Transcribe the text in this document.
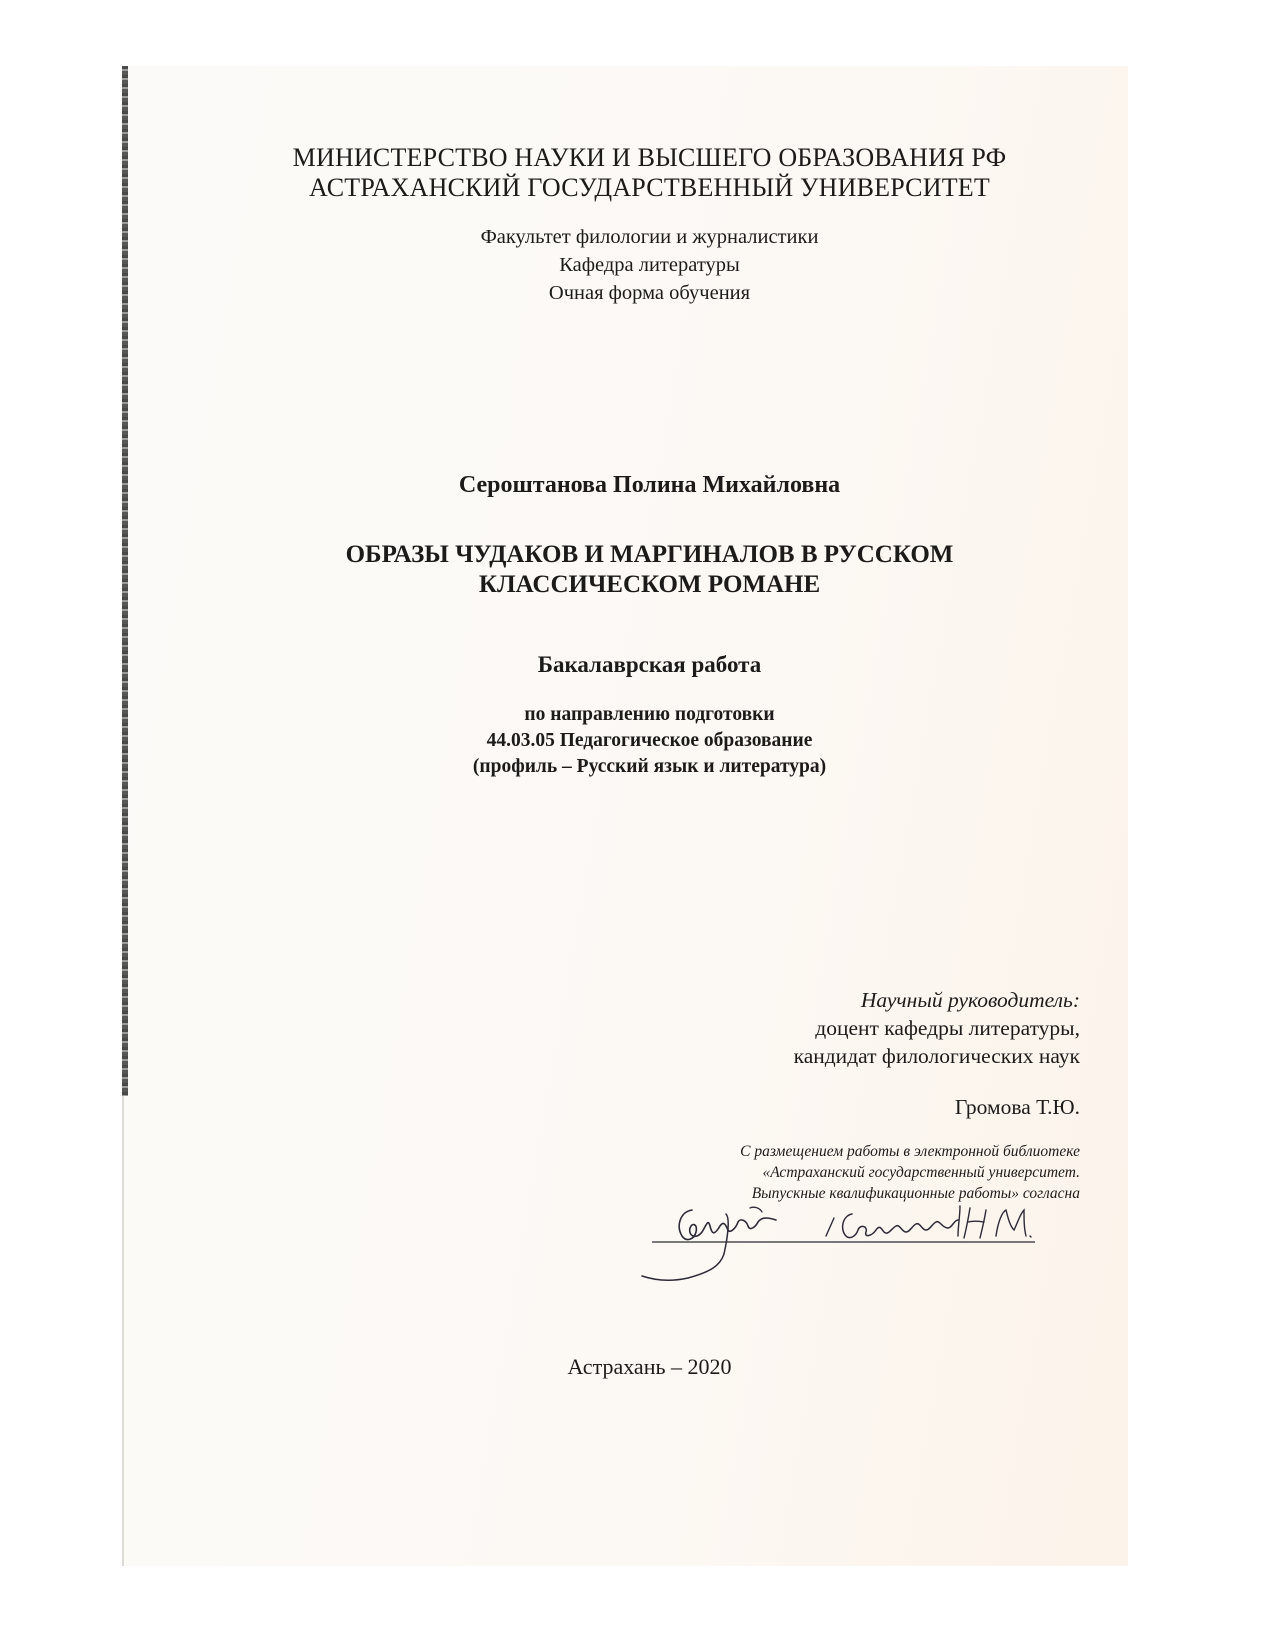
МИНИСТЕРСТВО НАУКИ И ВЫСШЕГО ОБРАЗОВАНИЯ РФ

АСТРАХАНСКИЙ ГОСУДАРСТВЕННЫЙ УНИВЕРСИТЕТ

Факультет филологии и журналистики

Кафедра литературы

Очная форма обучения

Сероштанова Полина Михайловна

ОБРАЗЫ ЧУДАКОВ И МАРГИНАЛОВ В РУССКОМ

КЛАССИЧЕСКОМ РОМАНЕ

Бакалаврская работа

по направлению подготовки

44.03.05 Педагогическое образование

(профиль – Русский язык и литература)

Научный руководитель:

доцент кафедры литературы,

кандидат филологических наук

Громова Т.Ю.

С размещением работы в электронной библиотеке

«Астраханский государственный университет.

Выпускные квалификационные работы» согласна

Астрахань – 2020
